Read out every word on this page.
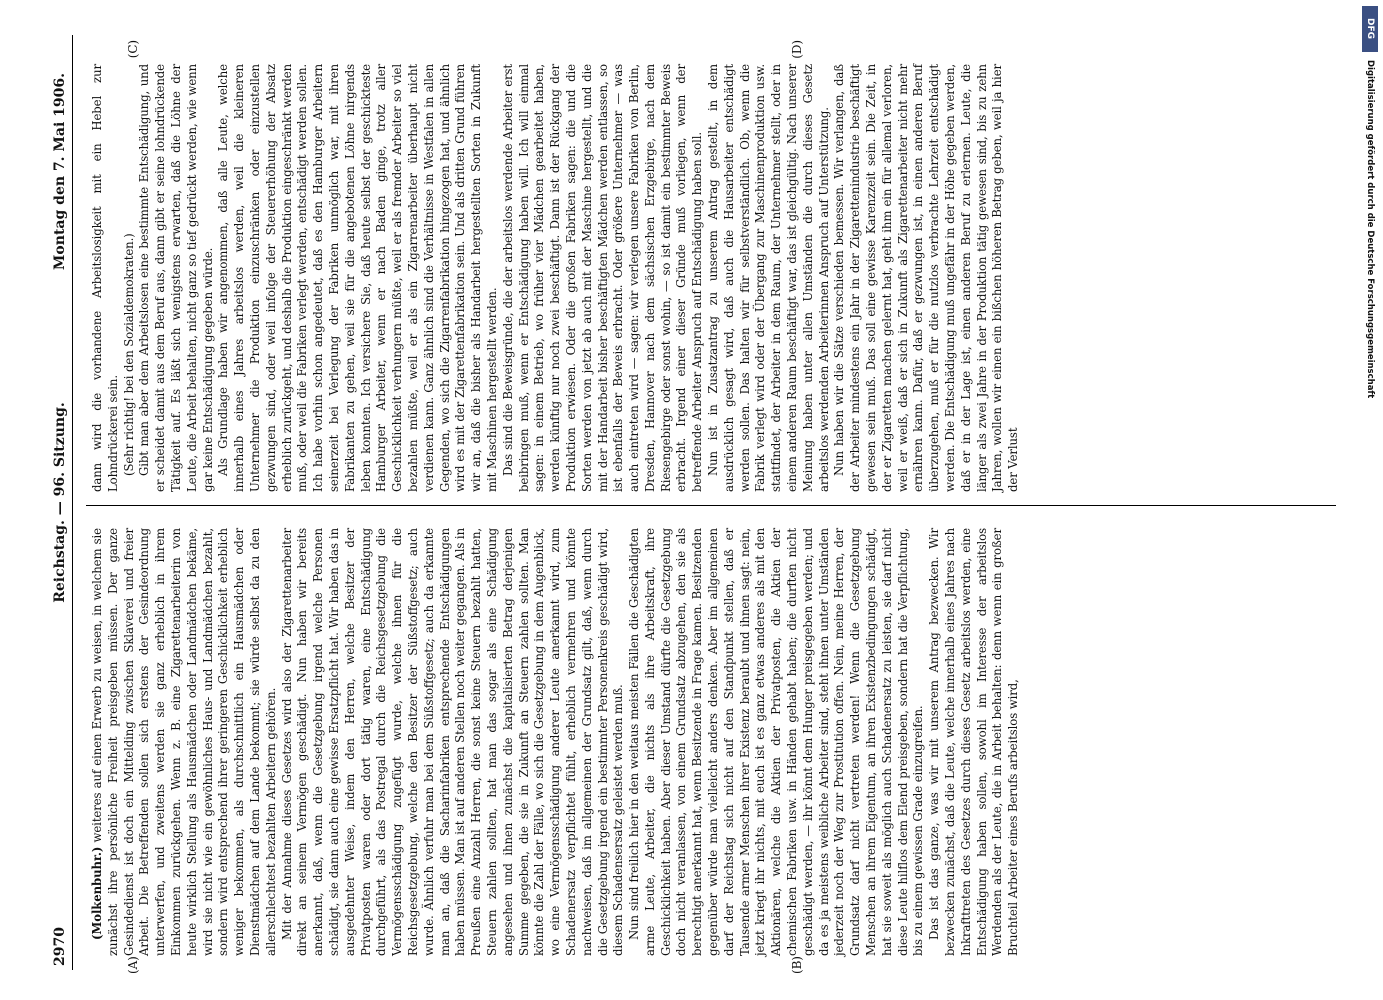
2970
Reichstag. — 96. Sitzung.
Montag den 7. Mai 1906.
(A)	(B)

(Molkenbuhr.) weiteres auf einen Erwerb zu weisen, in welchem sie zunächst ihre persönliche Freiheit preisgeben müssen. Der ganze Gesindedienst ist doch ein Mittelding zwischen Sklaverei und freier Arbeit. Die Betreffenden sollen sich erstens der Gesindeordnung unterwerfen, und zweitens werden sie ganz erheblich in ihrem Einkommen zurückgehen. Wenn z. B. eine Zigarettenarbeiterin von heute wirklich Stellung als Hausmädchen oder Landmädchen bekäme, wird sie nicht wie ein gewöhnliches Haus- und Landmädchen bezahlt, sondern wird entsprechend ihrer geringeren Geschicklichkeit erheblich weniger bekommen, als durchschnittlich ein Hausmädchen oder Dienstmädchen auf dem Lande bekommt; sie würde selbst da zu den allerschlechtest bezahlten Arbeitern gehören. Mit der Annahme dieses Gesetzes wird also der Zigarettenarbeiter direkt an seinem Vermögen geschädigt. Nun haben wir bereits anerkannt, daß, wenn die Gesetzgebung irgend welche Personen schädigt, sie dann auch eine gewisse Ersatzpflicht hat. Wir haben das in ausgedehnter Weise, indem den Herren, welche Besitzer der Privatposten waren oder dort tätig waren, eine Entschädigung durchgeführt, als das Postregal durch die Reichsgesetzgebung die Vermögensschädigung zugefügt wurde, welche ihnen für die Reichsgesetzgebung, welche den Besitzer der Süßstoffgesetz; auch wurde. Ähnlich verfuhr man bei dem Süßstoffgesetz; auch da erkannte man an, daß die Sacharinfabriken entsprechende Entschädigungen haben müssen. Man ist auf anderen Stellen noch weiter gegangen. Als in Preußen eine Anzahl Herren, die sonst keine Steuern bezahlt hatten, Steuern zahlen sollten, hat man das sogar als eine Schädigung angesehen und ihnen zunächst die kapitalisierten Betrag derjenigen Summe gegeben, die sie in Zukunft an Steuern zahlen sollten. Man könnte die Zahl der Fälle, wo sich die Gesetzgebung in dem Augenblick, wo eine Vermögensschädigung anderer Leute anerkannt wird, zum Schadenersatz verpflichtet fühlt, erheblich vermehren und könnte nachweisen, daß im allgemeinen der Grundsatz gilt, daß, wenn durch die Gesetzgebung irgend ein bestimmter Personenkreis geschädigt wird, diesem Schadensersatz geleistet werden muß. Nun sind freilich hier in den weitaus meisten Fällen die Geschädigten arme Leute, Arbeiter, die nichts als ihre Arbeitskraft, ihre Geschicklichkeit haben. Aber dieser Umstand dürfte die Gesetzgebung doch nicht veranlassen, von einem Grundsatz abzugehen, den sie als berechtigt anerkannt hat, wenn Besitzende in Frage kamen. Besitzenden gegenüber würde man vielleicht anders denken. Aber im allgemeinen darf der Reichstag sich nicht auf den Standpunkt stellen, daß er Tausende armer Menschen ihrer Existenz beraubt und ihnen sagt: nein, jetzt kriegt ihr nichts, mit euch ist es ganz etwas anderes als mit den Aktionären, welche die Aktien der Privatposten, die Aktien der chemischen Fabriken usw. in Händen gehabt haben; die durften nicht geschädigt werden, — ihr könnt dem Hunger preisgegeben werden; und da es ja meistens weibliche Arbeiter sind, steht ihnen unter Umständen jederzeit noch der Weg zur Prostitution offen. Nein, meine Herren, der Grundsatz darf nicht vertreten werden! Wenn die Gesetzgebung Menschen an ihrem Eigentum, an ihren Existenzbedingungen schädigt, hat sie soweit als möglich auch Schadenersatz zu leisten, sie darf nicht diese Leute hilflos dem Elend preisgeben, sondern hat die Verpflichtung, bis zu einem gewissen Grade einzugreifen. Das ist das ganze, was wir mit unserem Antrag bezwecken. Wir bezwecken zunächst, daß die Leute, welche innerhalb eines Jahres nach Inkrafttreten des Gesetzes durch dieses Gesetz arbeitslos werden, eine Entschädigung haben sollen, sowohl im Interesse der arbeitslos Werdenden als der Leute, die in Arbeit behalten: denn wenn ein großer Bruchteil Arbeiter eines Berufs arbeitslos wird,

(C)	(D)

dann wird die vorhandene Arbeitslosigkeit mit ein Hebel zur Lohndrückerei sein. (Sehr richtig! bei den Sozialdemokraten.) Gibt man aber dem Arbeitslosen eine bestimmte Entschädigung, und er scheidet damit aus dem Beruf aus, dann gibt er seine lohndrückende Tätigkeit auf. Es läßt sich wenigstens erwarten, daß die Löhne der Leute, die Arbeit behalten, nicht ganz so tief gedrückt werden, wie wenn gar keine Entschädigung gegeben würde. Als Grundlage haben wir angenommen, daß alle Leute, welche innerhalb eines Jahres arbeitslos werden, weil die kleineren Unternehmer die Produktion einzuschränken oder einzustellen gezwungen sind, oder weil infolge der Steuererhöhung der Absatz erheblich zurückgeht, und deshalb die Produktion eingeschränkt werden muß, oder weil die Fabriken verlegt werden, entschädigt werden sollen. Ich habe vorhin schon angedeutet, daß es den Hamburger Arbeitern seinerzeit bei Verlegung der Fabriken unmöglich war, mit ihren Fabrikanten zu gehen, weil sie für die angebotenen Löhne nirgends leben konnten. Ich versichere Sie, daß heute selbst der geschickteste Hamburger Arbeiter, wenn er nach Baden ginge, trotz aller Geschicklichkeit verhungern müßte, weil er als fremder Arbeiter so viel bezahlen müßte, weil er als ein Zigarrenarbeiter überhaupt nicht verdienen kann. Ganz ähnlich sind die Verhältnisse in Westfalen in allen Gegenden, wo sich die Zigarrenfabrikation hingezogen hat, und ähnlich wird es mit der Zigarettenfabrikation sein. Und als dritten Grund führen wir an, daß die bisher als Handarbeit hergestellten Sorten in Zukunft mit Maschinen hergestellt werden. Das sind die Beweisgründe, die der arbeitslos werdende Arbeiter erst beibringen muß, wenn er Entschädigung haben will. Ich will einmal sagen: in einem Betrieb, wo früher vier Mädchen gearbeitet haben, werden künftig nur noch zwei beschäftigt. Dann ist der Rückgang der Produktion erwiesen. Oder die großen Fabriken sagen: die und die Sorten werden von jetzt ab auch mit der Maschine hergestellt, und die mit der Handarbeit bisher beschäftigten Mädchen werden entlassen, so ist ebenfalls der Beweis erbracht. Oder größere Unternehmer — was auch eintreten wird — sagen: wir verlegen unsere Fabriken von Berlin, Dresden, Hannover nach dem sächsischen Erzgebirge, nach dem Riesengebirge oder sonst wohin, — so ist damit ein bestimmter Beweis erbracht. Irgend einer dieser Gründe muß vorliegen, wenn der betreffende Arbeiter Anspruch auf Entschädigung haben soll. Nun ist in Zusatzantrag zu unserem Antrag gestellt, in dem ausdrücklich gesagt wird, daß auch die Hausarbeiter entschädigt werden sollen. Das halten wir für selbstverständlich. Ob, wenn die Fabrik verlegt wird oder der Übergang zur Maschinenproduktion usw. stattfindet, der Arbeiter in dem Raum, der Unternehmer stellt, oder in einem anderen Raum beschäftigt war, das ist gleichgültig. Nach unserer Meinung haben unter allen Umständen die durch dieses Gesetz arbeitslos werdenden Arbeiterinnen Anspruch auf Unterstützung. Nun haben wir die Sätze verschieden bemessen. Wir verlangen, daß der Arbeiter mindestens ein Jahr in der Zigarettenindustrie beschäftigt gewesen sein muß. Das soll eine gewisse Karenzzeit sein. Die Zeit, in der er Zigaretten machen gelernt hat, geht ihm ein für allemal verloren, weil er weiß, daß er sich in Zukunft als Zigarettenarbeiter nicht mehr ernähren kann. Dafür, daß er gezwungen ist, in einen anderen Beruf überzugehen, muß er für die nutzlos verbrachte Lehrzeit entschädigt werden. Die Entschädigung muß ungefähr in der Höhe gegeben werden, daß er in der Lage ist, einen anderen Beruf zu erlernen. Leute, die länger als zwei Jahre in der Produktion tätig gewesen sind, bis zu zehn Jahren, wollen wir einen ein bißchen höheren Betrag geben, weil ja hier der Verlust

DFG
Digitalisierung gefördert durch die Deutsche Forschungsgemeinschaft
